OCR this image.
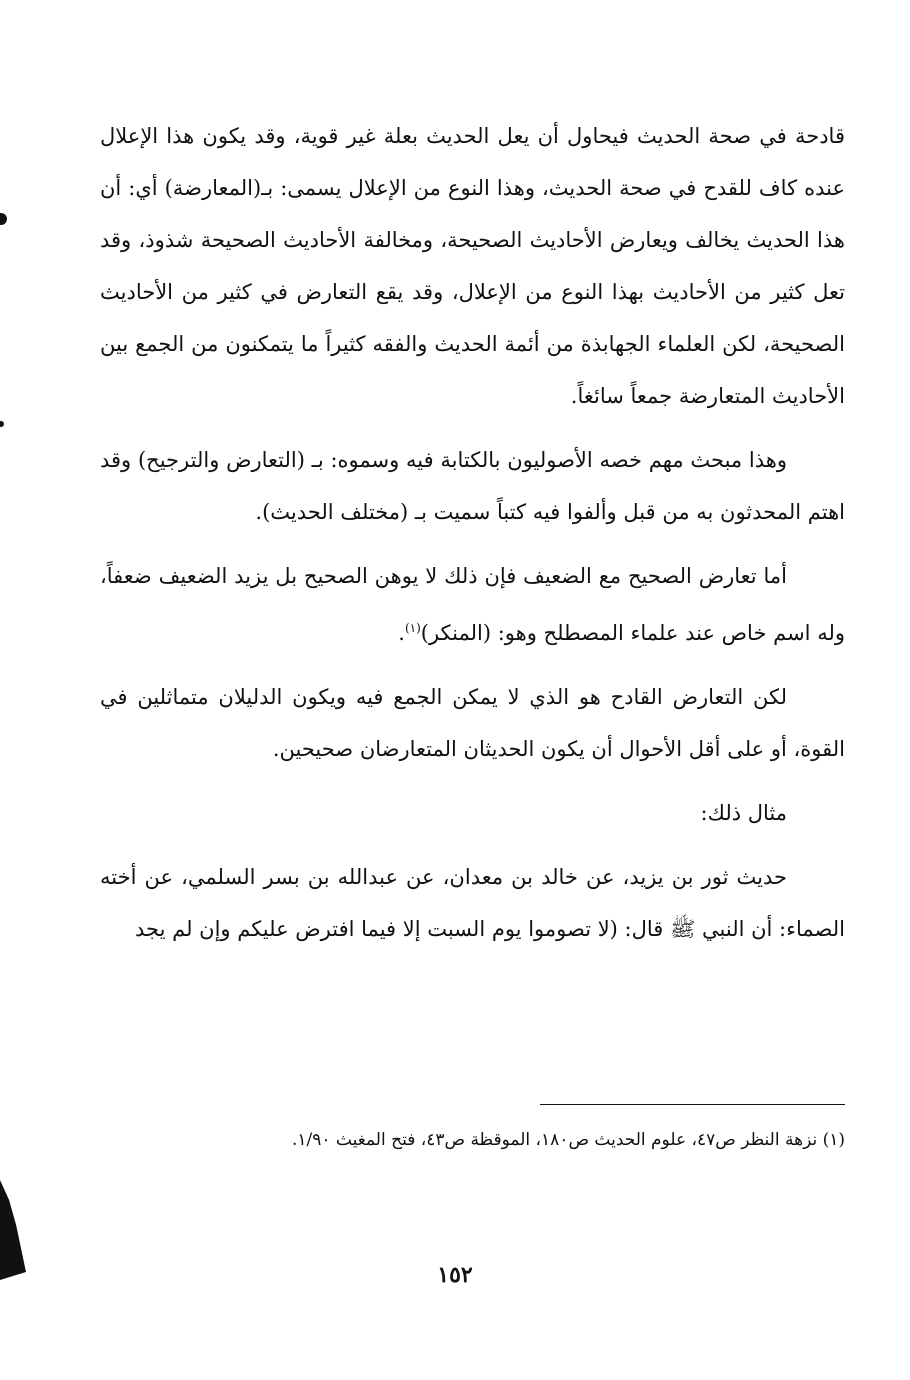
قادحة في صحة الحديث فيحاول أن يعل الحديث بعلة غير قوية، وقد يكون هذا الإعلال عنده كاف للقدح في صحة الحديث، وهذا النوع من الإعلال يسمى: بـ(المعارضة) أي: أن هذا الحديث يخالف ويعارض الأحاديث الصحيحة، ومخالفة الأحاديث الصحيحة شذوذ، وقد تعل كثير من الأحاديث بهذا النوع من الإعلال، وقد يقع التعارض في كثير من الأحاديث الصحيحة، لكن العلماء الجهابذة من أئمة الحديث والفقه كثيراً ما يتمكنون من الجمع بين الأحاديث المتعارضة جمعاً سائغاً.

وهذا مبحث مهم خصه الأصوليون بالكتابة فيه وسموه: بـ (التعارض والترجيح) وقد اهتم المحدثون به من قبل وألفوا فيه كتباً سميت بـ (مختلف الحديث).

أما تعارض الصحيح مع الضعيف فإن ذلك لا يوهن الصحيح بل يزيد الضعيف ضعفاً، وله اسم خاص عند علماء المصطلح وهو: (المنكر)$^{(١)}$.

لكن التعارض القادح هو الذي لا يمكن الجمع فيه ويكون الدليلان متماثلين في القوة، أو على أقل الأحوال أن يكون الحديثان المتعارضان صحيحين.

مثال ذلك:

حديث ثور بن يزيد، عن خالد بن معدان، عن عبدالله بن بسر السلمي، عن أخته الصماء: أن النبي ﷺ قال: (لا تصوموا يوم السبت إلا فيما افترض عليكم وإن لم يجد

(١) نزهة النظر ص٤٧، علوم الحديث ص١٨٠، الموقظة ص٤٣، فتح المغيث ١/٩٠.
١٥٢
